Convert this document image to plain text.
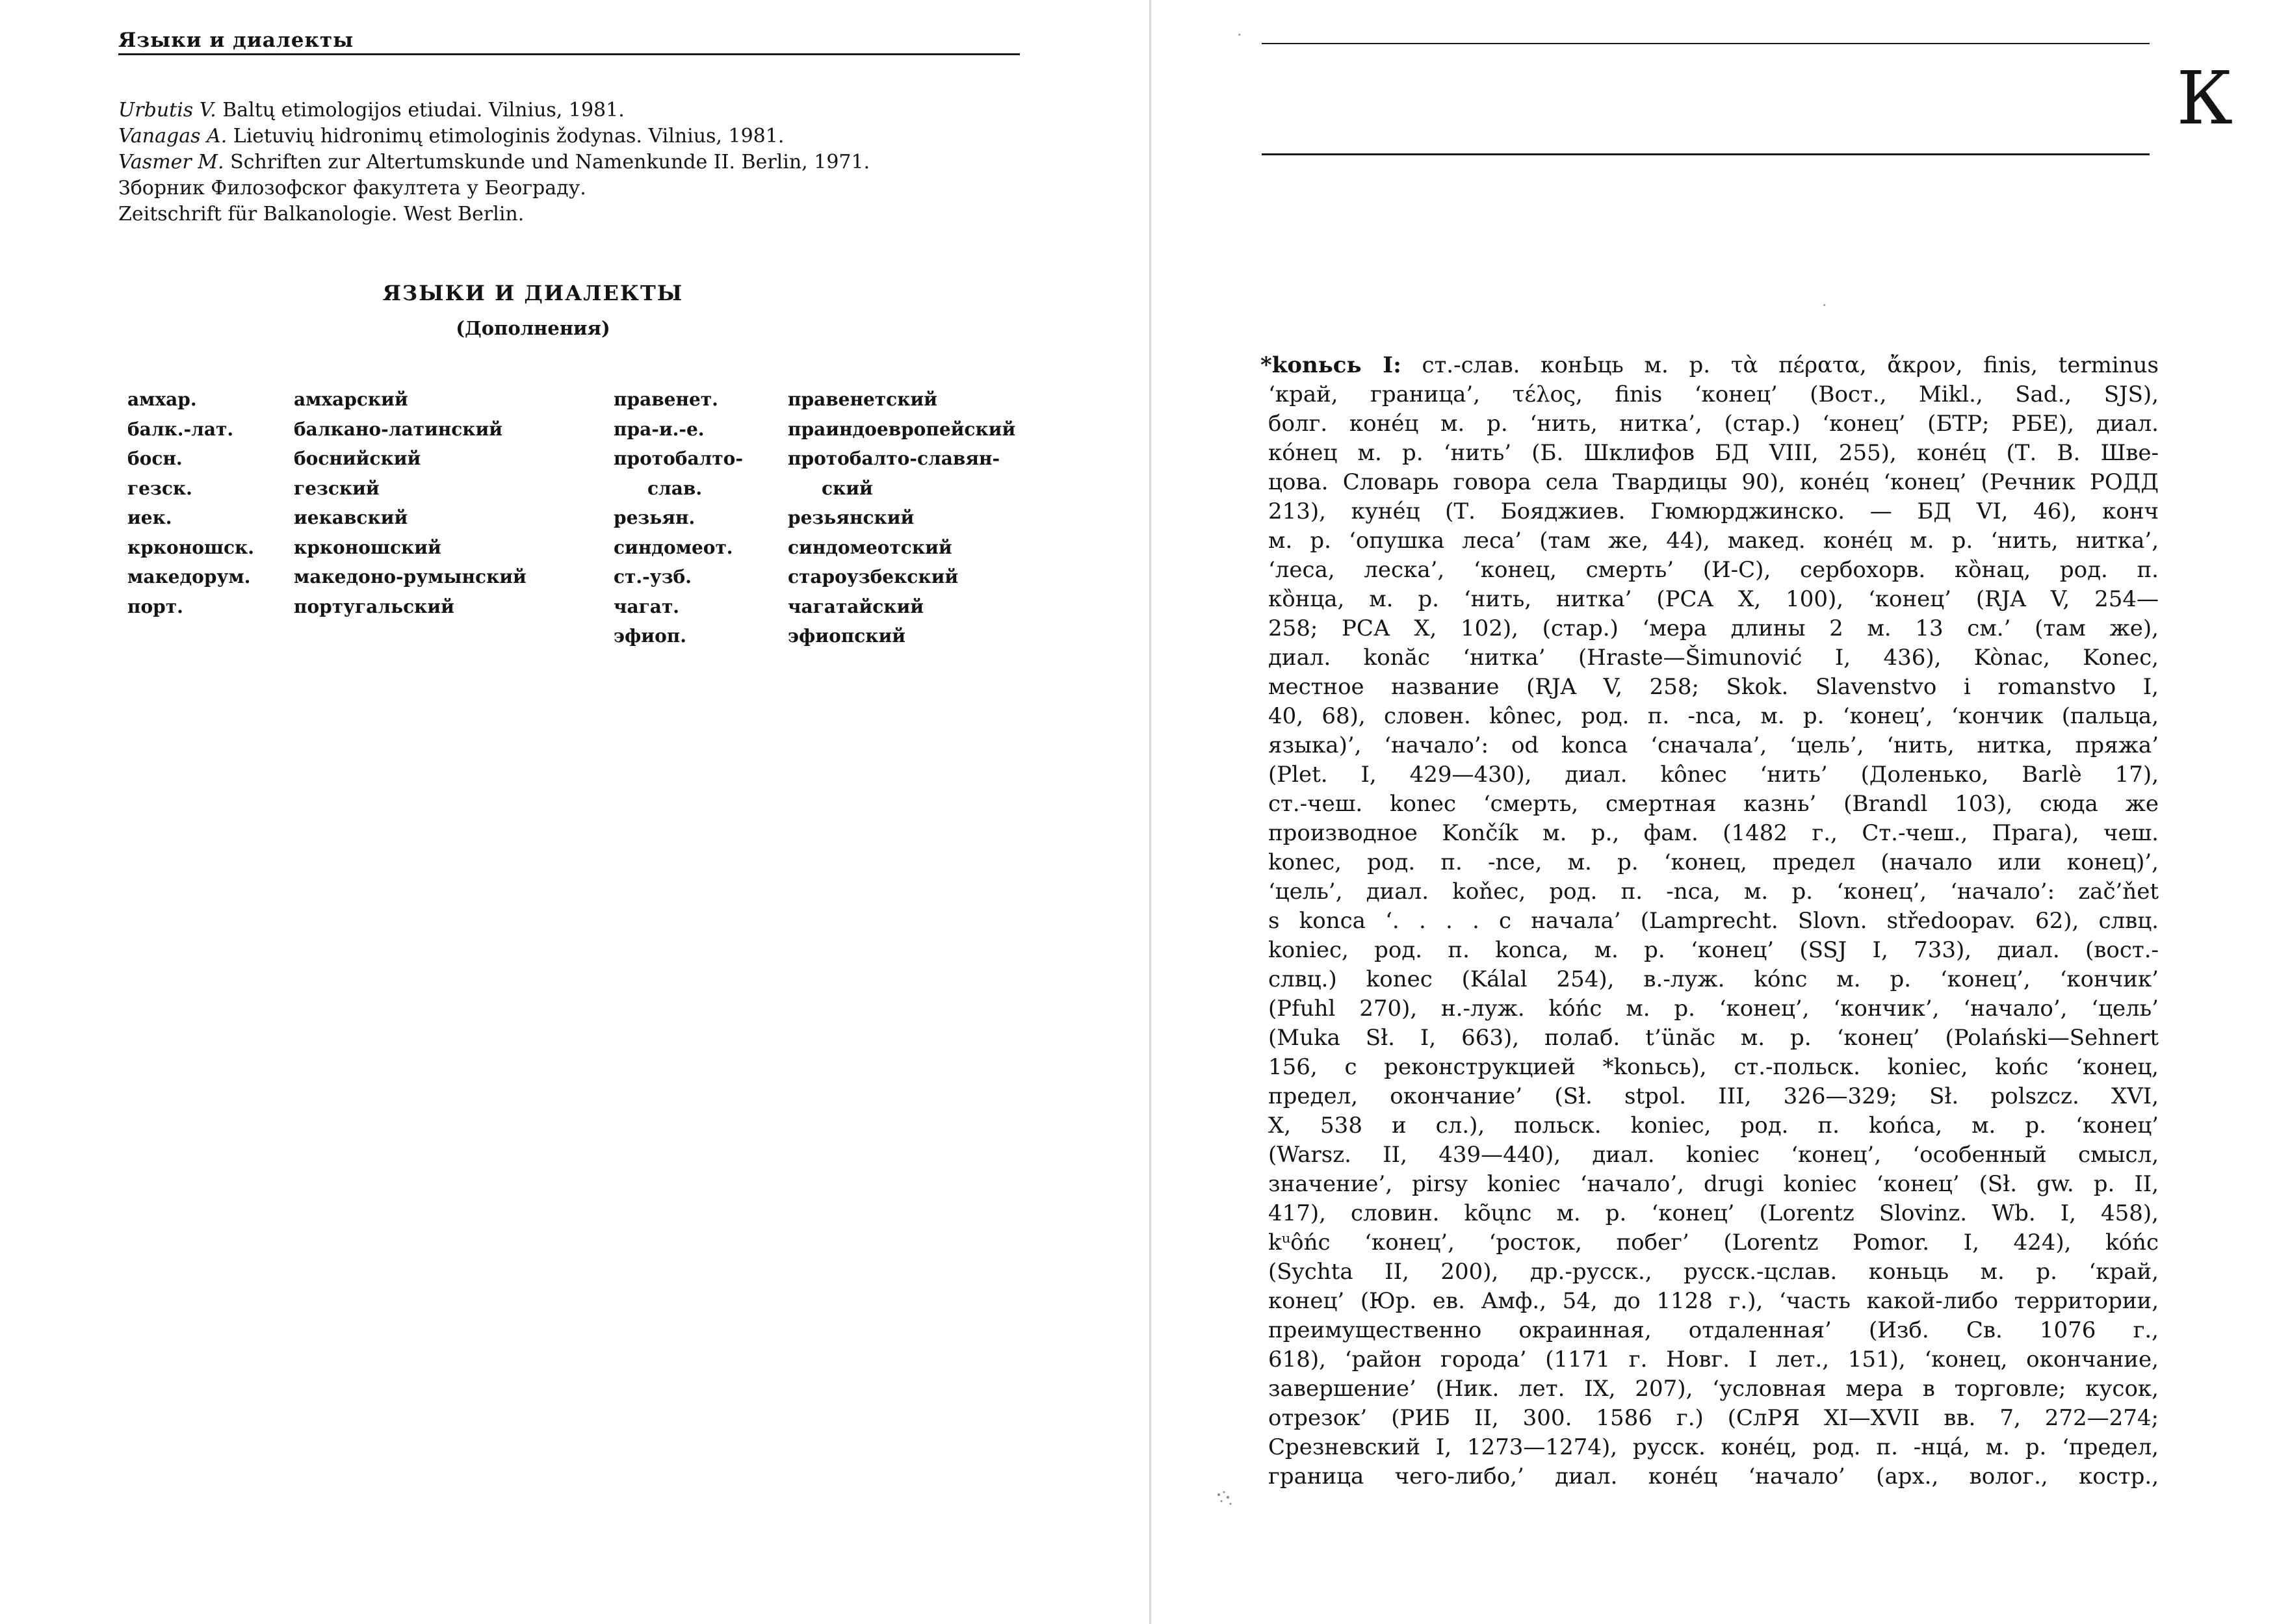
Языки и диалекты
Urbutis V. Baltų etimologijos etiudai. Vilnius, 1981.
Vanagas A. Lietuvių hidronimų etimologinis žodynas. Vilnius, 1981.
Vasmer M. Schriften zur Altertumskunde und Namenkunde II. Berlin, 1971.
Зборник Филозофског факултета у Београду.
Zeitschrift für Balkanologie. West Berlin.
ЯЗЫКИ И ДИАЛЕКТЫ
(Дополнения)
амхар.	амхарский
балк.-лат.	балкано-латинский
босн.	боснийский
гезск.	гезский
иек.	иекавский
крконошск.	крконошский
македорум.	македоно-румынский
порт.	португальский
правенет.	правенетский
пра-и.-е.	праиндоевропейский
протобалто-	протобалто-славян-
слав.	ский
резьян.	резьянский
синдомеот.	синдомеотский
ст.-узб.	староузбекский
чагат.	чагатайский
эфиоп.	эфиопский
К
·
·
*konьcь I: ст.-слав. конЬць м. р. τὰ πέρατα, ἄκρον, finis, terminus
‘край, граница’, τέλος, finis ‘конец’ (Вост., Mikl., Sad., SJS),
болг. коне́ц м. р. ‘нить, нитка’, (стар.) ‘конец’ (БТР; РБЕ), диал.
ко́нец м. р. ‘нить’ (Б. Шклифов БД VIII, 255), коне́ц (Т. В. Шве-
цова. Словарь говора села Твардицы 90), коне́ц ‘конец’ (Речник РОДД
213), куне́ц (Т. Бояджиев. Гюмюрджинско. — БД VI, 46), конч
м. р. ‘опушка леса’ (там же, 44), макед. коне́ц м. р. ‘нить, нитка’,
‘леса, леска’, ‘конец, смерть’ (И-С), сербохорв. ко̏нац, род. п.
ко̏нца, м. р. ‘нить, нитка’ (РСА X, 100), ‘конец’ (RJA V, 254—
258; РСА X, 102), (стар.) ‘мера длины 2 м. 13 см.’ (там же),
диал. konăc ‘нитка’ (Hraste—Šimunović I, 436), Kònac, Konec,
местное название (RJA V, 258; Skok. Slavenstvo i romanstvo I,
40, 68), словен. kônec, род. п. -nca, м. р. ‘конец’, ‘кончик (пальца,
языка)’, ‘начало’: od konca ‘сначала’, ‘цель’, ‘нить, нитка, пряжа’
(Plet. I, 429—430), диал. kônec ‘нить’ (Доленько, Barlè 17),
ст.-чеш. konec ‘смерть, смертная казнь’ (Brandl 103), сюда же
производное Končík м. р., фам. (1482 г., Ст.-чеш., Прага), чеш.
konec, род. п. -nce, м. р. ‘конец, предел (начало или конец)’,
‘цель’, диал. koňec, род. п. -nca, м. р. ‘конец’, ‘начало’: zač’ňet
s konca ‘. . . . с начала’ (Lamprecht. Slovn. středoopav. 62), слвц.
koniec, род. п. konca, м. р. ‘конец’ (SSJ I, 733), диал. (вост.-
слвц.) konec (Kálal 254), в.-луж. kónc м. р. ‘конец’, ‘кончик’
(Pfuhl 270), н.-луж. kóńc м. р. ‘конец’, ‘кончик’, ‘начало’, ‘цель’
(Muka Sł. I, 663), полаб. t’ünăc м. р. ‘конец’ (Polański—Sehnert
156, с реконструкцией *konьcь), ст.-польск. koniec, końc ‘конец,
предел, окончание’ (Sł. stpol. III, 326—329; Sł. polszcz. XVI,
X, 538 и сл.), польск. koniec, род. п. końca, м. р. ‘конец’
(Warsz. II, 439—440), диал. koniec ‘конец’, ‘особенный смысл,
значение’, pirsy koniec ‘начало’, drugi koniec ‘конец’ (Sł. gw. p. II,
417), словин. kõųnc м. р. ‘конец’ (Lorentz Slovinz. Wb. I, 458),
kᵘôńc ‘конец’, ‘росток, побег’ (Lorentz Pomor. I, 424), kóńc
(Sychta II, 200), др.-русск., русск.-цслав. коньць м. р. ‘край,
конец’ (Юр. ев. Амф., 54, до 1128 г.), ‘часть какой-либо территории,
преимущественно окраинная, отдаленная’ (Изб. Св. 1076 г.,
618), ‘район города’ (1171 г. Новг. I лет., 151), ‘конец, окончание,
завершение’ (Ник. лет. IX, 207), ‘условная мера в торговле; кусок,
отрезок’ (РИБ II, 300. 1586 г.) (СлРЯ XI—XVII вв. 7, 272—274;
Срезневский I, 1273—1274), русск. коне́ц, род. п. -нца́, м. р. ‘предел,
граница чего-либо,’ диал. коне́ц ‘начало’ (арх., волог., костр.,
